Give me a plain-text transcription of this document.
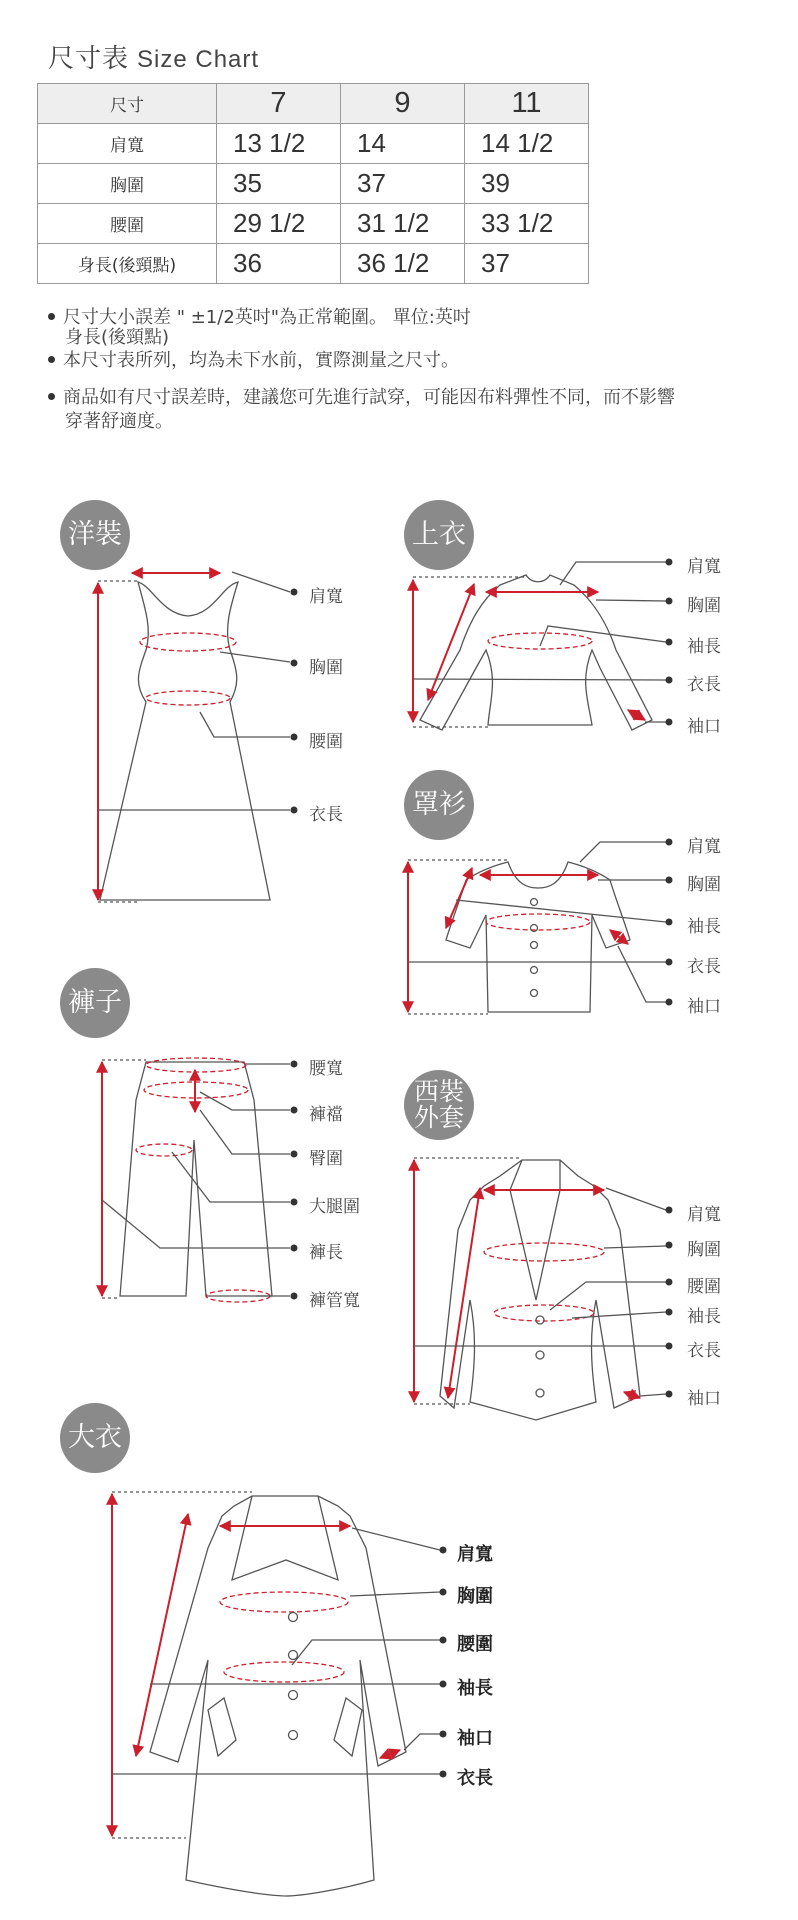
尺寸表 Size Chart
尺寸	7	9	11
肩寬	13 1/2	14	14 1/2
胸圍	35	37	39
腰圍	29 1/2	31 1/2	33 1/2
身長(後頸點)	36	36 1/2	37
尺寸大小誤差 " ±1/2英吋"為正常範圍。 單位:英吋
身長(後頸點)
本尺寸表所列，均為未下水前，實際測量之尺寸。
商品如有尺寸誤差時，建議您可先進行試穿，可能因布料彈性不同，而不影響
穿著舒適度。
洋裝	上衣
罩衫
褲子
西裝
外套
大衣
肩寬
胸圍
腰圍
衣長
肩寬
胸圍
袖長
衣長
袖口
肩寬
胸圍
袖長
衣長
袖口
腰寬
褲襠
臀圍
大腿圍
褲長
褲管寬
肩寬
胸圍
腰圍
袖長
衣長
袖口
肩寬
胸圍
腰圍
袖長
袖口
衣長
